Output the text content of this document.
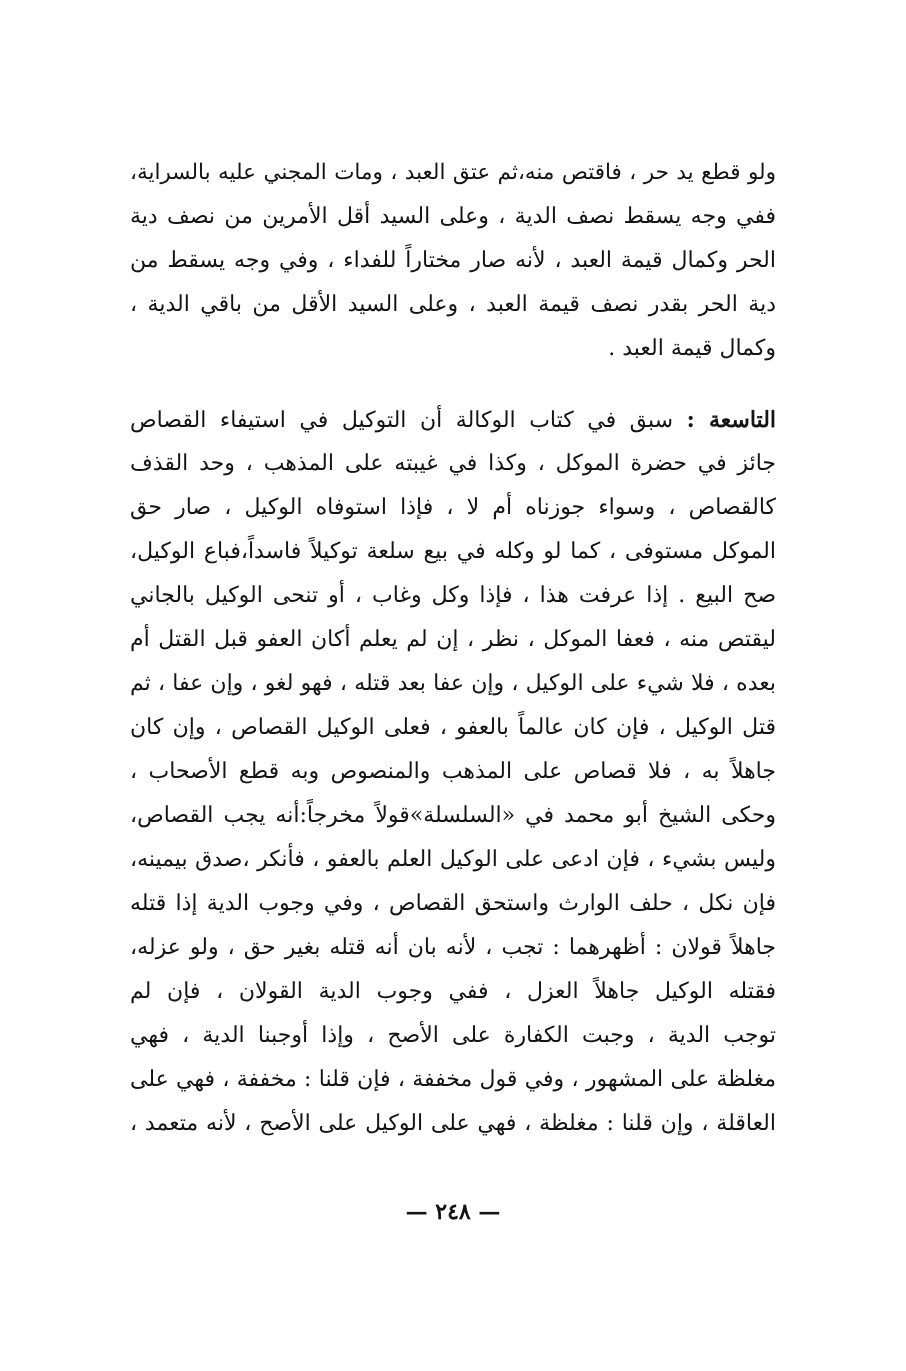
ولو قطع يد حر ، فاقتص منه،ثم عتق العبد ، ومات المجني عليه بالسراية،
ففي وجه يسقط نصف الدية ، وعلى السيد أقل الأمرين من نصف دية
الحر وكمال قيمة العبد ، لأنه صار مختاراً للفداء ، وفي وجه يسقط من
دية الحر بقدر نصف قيمة العبد ، وعلى السيد الأقل من باقي الدية ،
وكمال قيمة العبد .
التاسعة : سبق في كتاب الوكالة أن التوكيل في استيفاء القصاص
جائز في حضرة الموكل ، وكذا في غيبته على المذهب ، وحد القذف
كالقصاص ، وسواء جوزناه أم لا ، فإذا استوفاه الوكيل ، صار حق
الموكل مستوفى ، كما لو وكله في بيع سلعة توكيلاً فاسداً،فباع الوكيل،
صح البيع . إذا عرفت هذا ، فإذا وكل وغاب ، أو تنحى الوكيل بالجاني
ليقتص منه ، فعفا الموكل ، نظر ، إن لم يعلم أكان العفو قبل القتل أم
بعده ، فلا شيء على الوكيل ، وإن عفا بعد قتله ، فهو لغو ، وإن عفا ، ثم
قتل الوكيل ، فإن كان عالماً بالعفو ، فعلى الوكيل القصاص ، وإن كان
جاهلاً به ، فلا قصاص على المذهب والمنصوص وبه قطع الأصحاب ،
وحكى الشيخ أبو محمد في «السلسلة»قولاً مخرجاً:أنه يجب القصاص،
وليس بشيء ، فإن ادعى على الوكيل العلم بالعفو ، فأنكر ،صدق بيمينه،
فإن نكل ، حلف الوارث واستحق القصاص ، وفي وجوب الدية إذا قتله
جاهلاً قولان : أظهرهما : تجب ، لأنه بان أنه قتله بغير حق ، ولو عزله،
فقتله الوكيل جاهلاً العزل ، ففي وجوب الدية القولان ، فإن لم
توجب الدية ، وجبت الكفارة على الأصح ، وإذا أوجبنا الدية ، فهي
مغلظة على المشهور ، وفي قول مخففة ، فإن قلنا : مخففة ، فهي على
العاقلة ، وإن قلنا : مغلظة ، فهي على الوكيل على الأصح ، لأنه متعمد ،
— ٢٤٨ —
